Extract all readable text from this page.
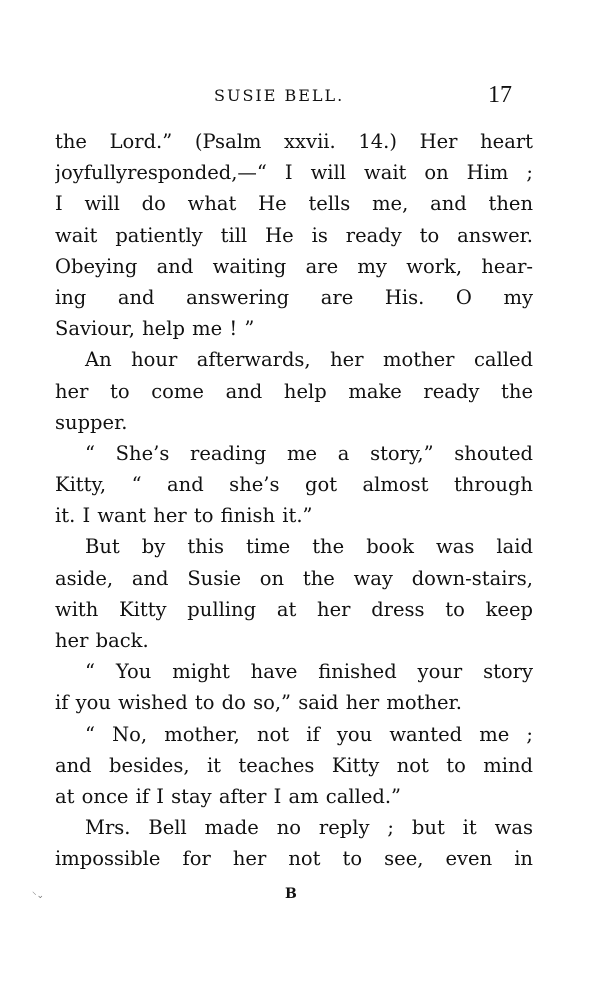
SUSIE BELL.	17
the Lord.” (Psalm xxvii. 14.) Her heart
joyfullyresponded,—“ I will wait on Him ;
I will do what He tells me, and then
wait patiently till He is ready to answer.
Obeying and waiting are my work, hear-
ing and answering are His. O my
Saviour, help me ! ”
An hour afterwards, her mother called
her to come and help make ready the
supper.
“ She’s reading me a story,” shouted
Kitty, “ and she’s got almost through
it. I want her to finish it.”
But by this time the book was laid
aside, and Susie on the way down-stairs,
with Kitty pulling at her dress to keep
her back.
“ You might have finished your story
if you wished to do so,” said her mother.
“ No, mother, not if you wanted me ;
and besides, it teaches Kitty not to mind
at once if I stay after I am called.”
Mrs. Bell made no reply ; but it was
impossible for her not to see, even in
⸌⌄	B
